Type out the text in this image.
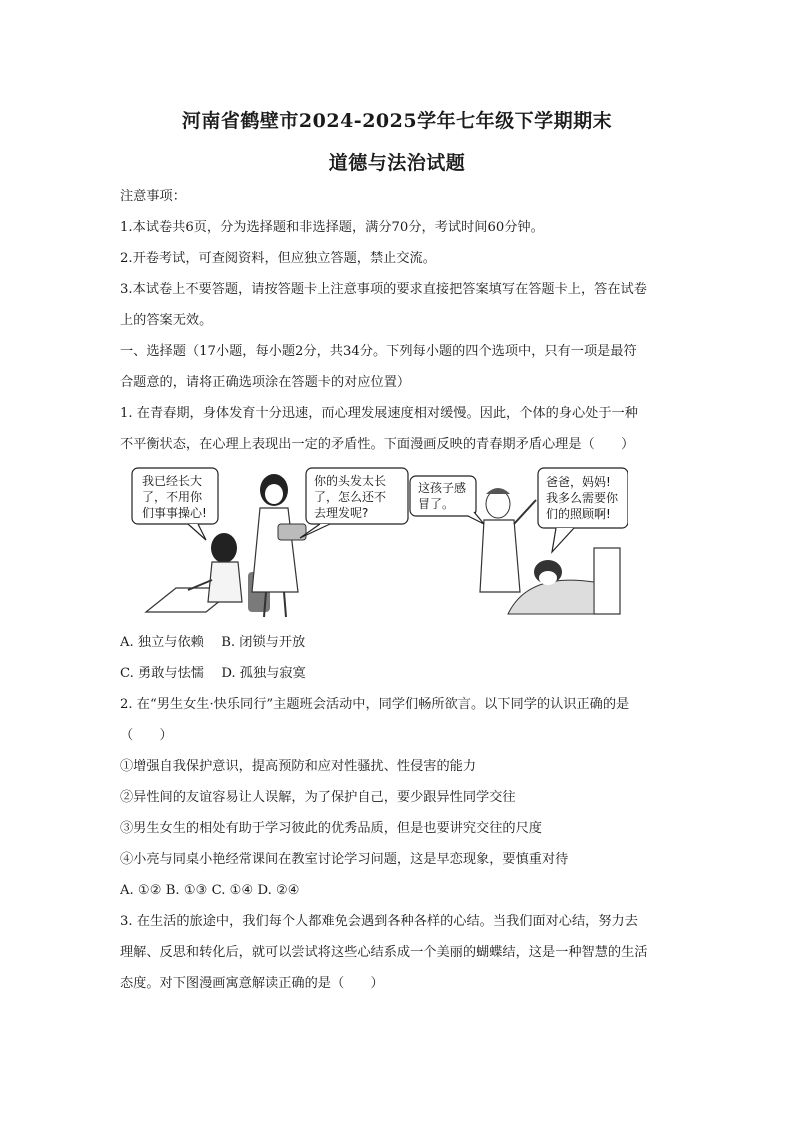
河南省鹤壁市2024-2025学年七年级下学期期末
道德与法治试题
注意事项：
1.本试卷共6页，分为选择题和非选择题，满分70分，考试时间60分钟。
2.开卷考试，可查阅资料，但应独立答题，禁止交流。
3.本试卷上不要答题，请按答题卡上注意事项的要求直接把答案填写在答题卡上，答在试卷
上的答案无效。
一、选择题（17小题，每小题2分，共34分。下列每小题的四个选项中，只有一项是最符
合题意的，请将正确选项涂在答题卡的对应位置）
1. 在青春期，身体发育十分迅速，而心理发展速度相对缓慢。因此，个体的身心处于一种
不平衡状态，在心理上表现出一定的矛盾性。下面漫画反映的青春期矛盾心理是（　　）
我已经长大
了，不用你
们事事操心!
你的头发太长
了，怎么还不
去理发呢?
这孩子感
冒了。
爸爸，妈妈!
我多么需要你
们的照顾啊!
A. 独立与依赖　 B. 闭锁与开放
C. 勇敢与怯懦　 D. 孤独与寂寞
2. 在“男生女生·快乐同行”主题班会活动中，同学们畅所欲言。以下同学的认识正确的是
（　　）
①增强自我保护意识，提高预防和应对性骚扰、性侵害的能力
②异性间的友谊容易让人误解，为了保护自己，要少跟异性同学交往
③男生女生的相处有助于学习彼此的优秀品质，但是也要讲究交往的尺度
④小亮与同桌小艳经常课间在教室讨论学习问题，这是早恋现象，要慎重对待
A. ①② B. ①③ C. ①④ D. ②④
3. 在生活的旅途中，我们每个人都难免会遇到各种各样的心结。当我们面对心结，努力去
理解、反思和转化后，就可以尝试将这些心结系成一个美丽的蝴蝶结，这是一种智慧的生活
态度。对下图漫画寓意解读正确的是（　　）
